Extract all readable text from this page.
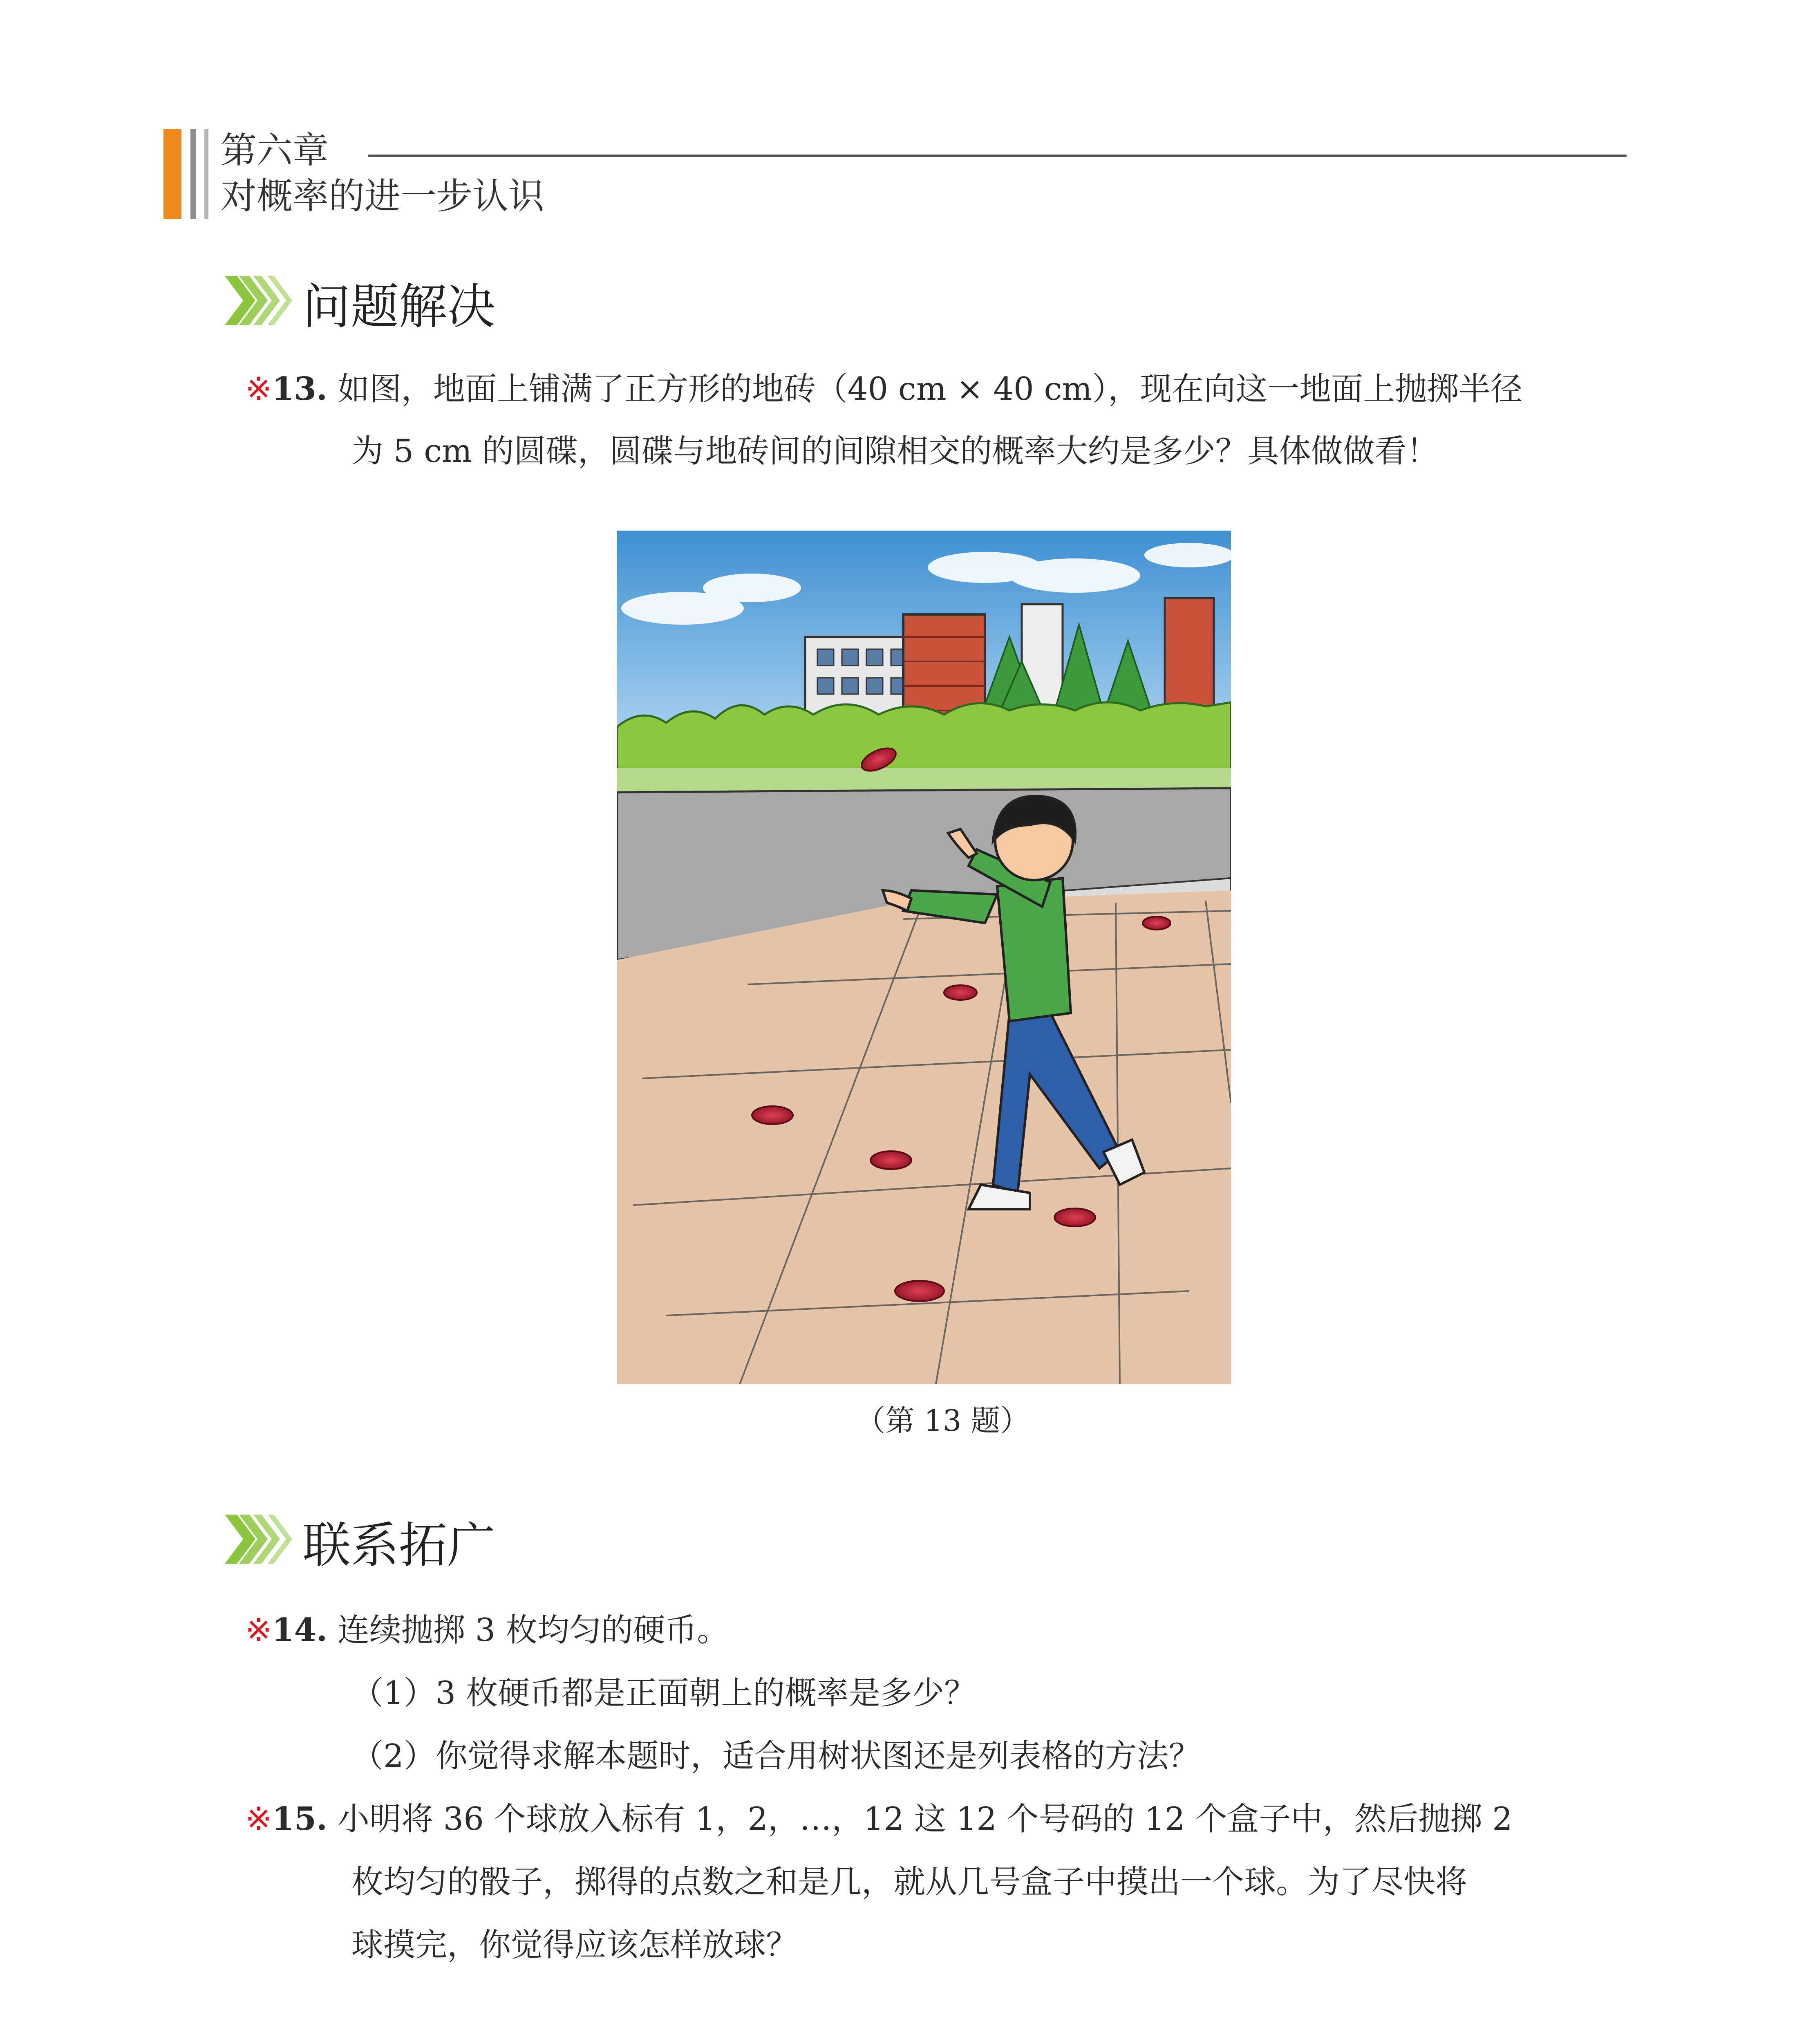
第六章
对概率的进一步认识
问题解决
※13. 如图，地面上铺满了正方形的地砖（40 cm × 40 cm），现在向这一地面上抛掷半径
为 5 cm 的圆碟，圆碟与地砖间的间隙相交的概率大约是多少？具体做做看！
（第 13 题）
联系拓广
※14. 连续抛掷 3 枚均匀的硬币。
（1）3 枚硬币都是正面朝上的概率是多少？
（2）你觉得求解本题时，适合用树状图还是列表格的方法？
※15. 小明将 36 个球放入标有 1，2，…，12 这 12 个号码的 12 个盒子中，然后抛掷 2
枚均匀的骰子，掷得的点数之和是几，就从几号盒子中摸出一个球。为了尽快将
球摸完，你觉得应该怎样放球？
